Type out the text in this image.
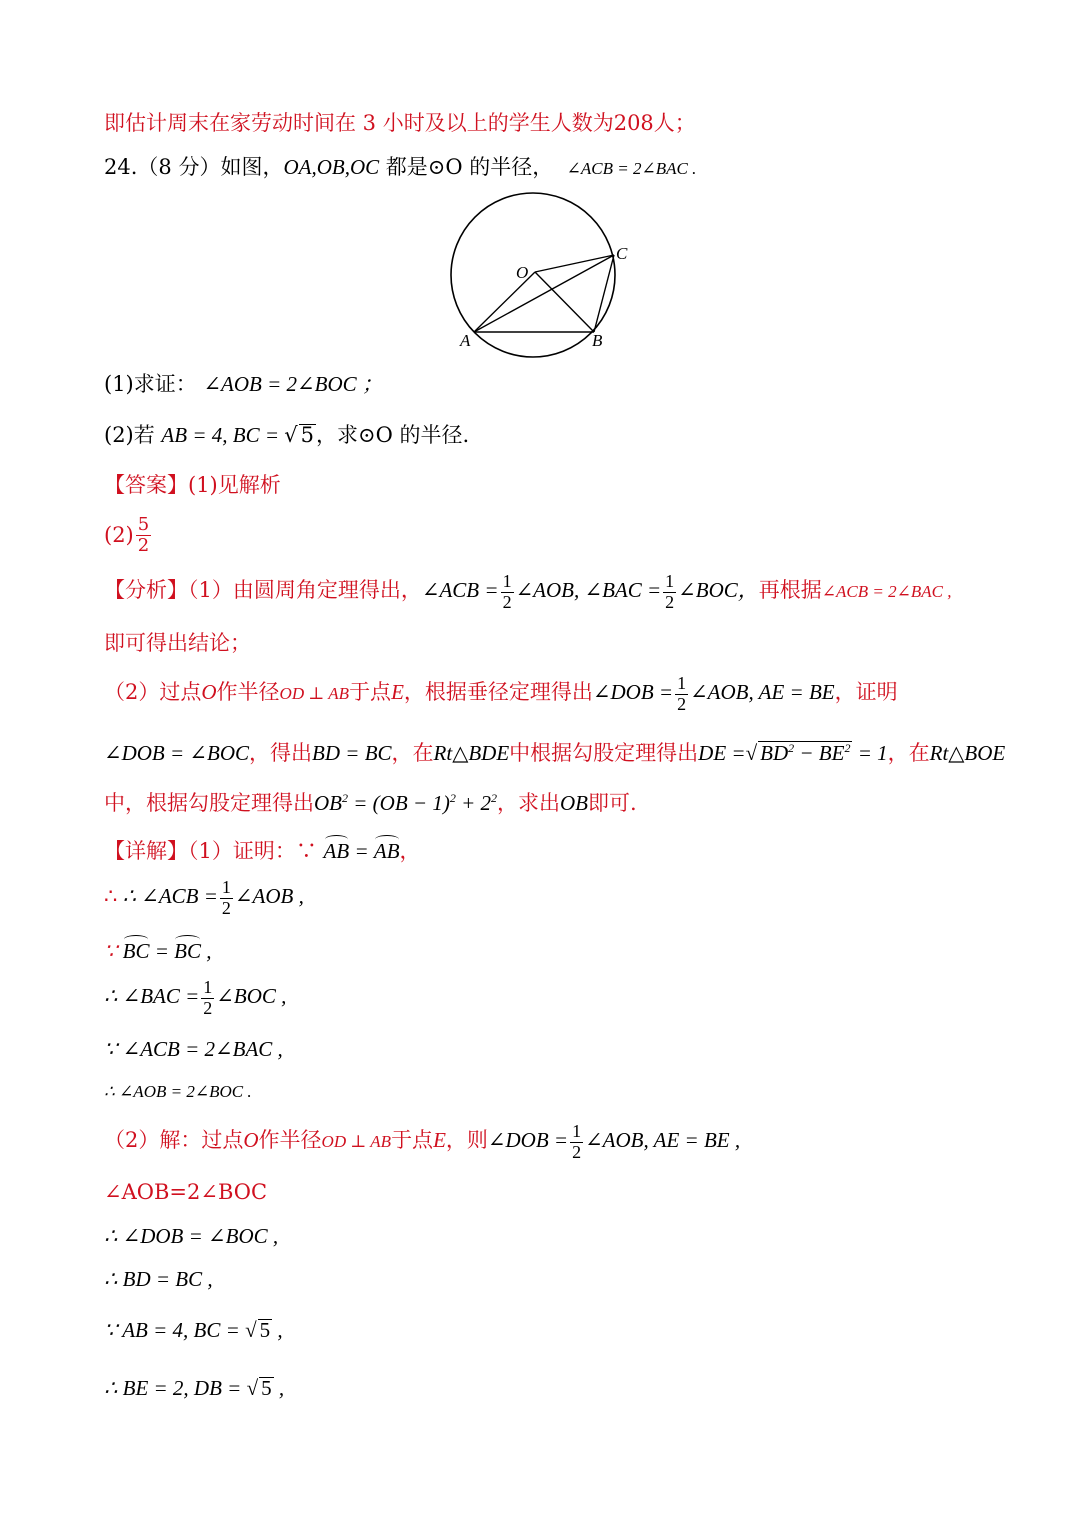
即估计周末在家劳动时间在 3 小时及以上的学生人数为208人；
24.（8 分）如图，OA,OB,OC 都是⊙O 的半径， ∠ACB = 2∠BAC .
O
A	B
C
(1)求证： ∠AOB = 2∠BOC ；
(2)若 AB = 4, BC = √ 5，求⊙O 的半径.
【答案】(1)见解析
$(2) \frac{5}{2}$
【分析】（1）由圆周角定理得出，∠ACB = $\frac{1}{2}$ ∠AOB, ∠BAC = $\frac{1}{2}$ ∠BOC，再根据∠ACB = 2∠BAC ,
即可得出结论；
（2）过点O作半径OD ⊥ AB于点E，根据垂径定理得出∠DOB = $\frac{1}{2}$ ∠AOB, AE = BE，证明
∠DOB = ∠BOC，得出BD = BC，在Rt△BDE中根据勾股定理得出DE =√ $BD^2 - BE^2 = 1$，在Rt△BOE
中，根据勾股定理得出$OB^2 = (OB - 1)^2 + 2^2$，求出OB即可.
【详解】（1）证明：∵ AB = AB，
∴ ∴ ∠ACB = $\frac{1}{2}$ ∠AOB ,
∵ BC = BC ,
∴ ∠BAC = $\frac{1}{2}$ ∠BOC ,
∵ ∠ACB = 2∠BAC ,
∴ ∠AOB = 2∠BOC .
（2）解：过点O作半径OD ⊥ AB于点E，则∠DOB = $\frac{1}{2}$ ∠AOB, AE = BE ,
∠AOB=2∠BOC
∴ ∠DOB = ∠BOC ,
∴ BD = BC ,
∵ AB = 4, BC = √ 5 ,
∴ BE = 2, DB = √ 5 ,
